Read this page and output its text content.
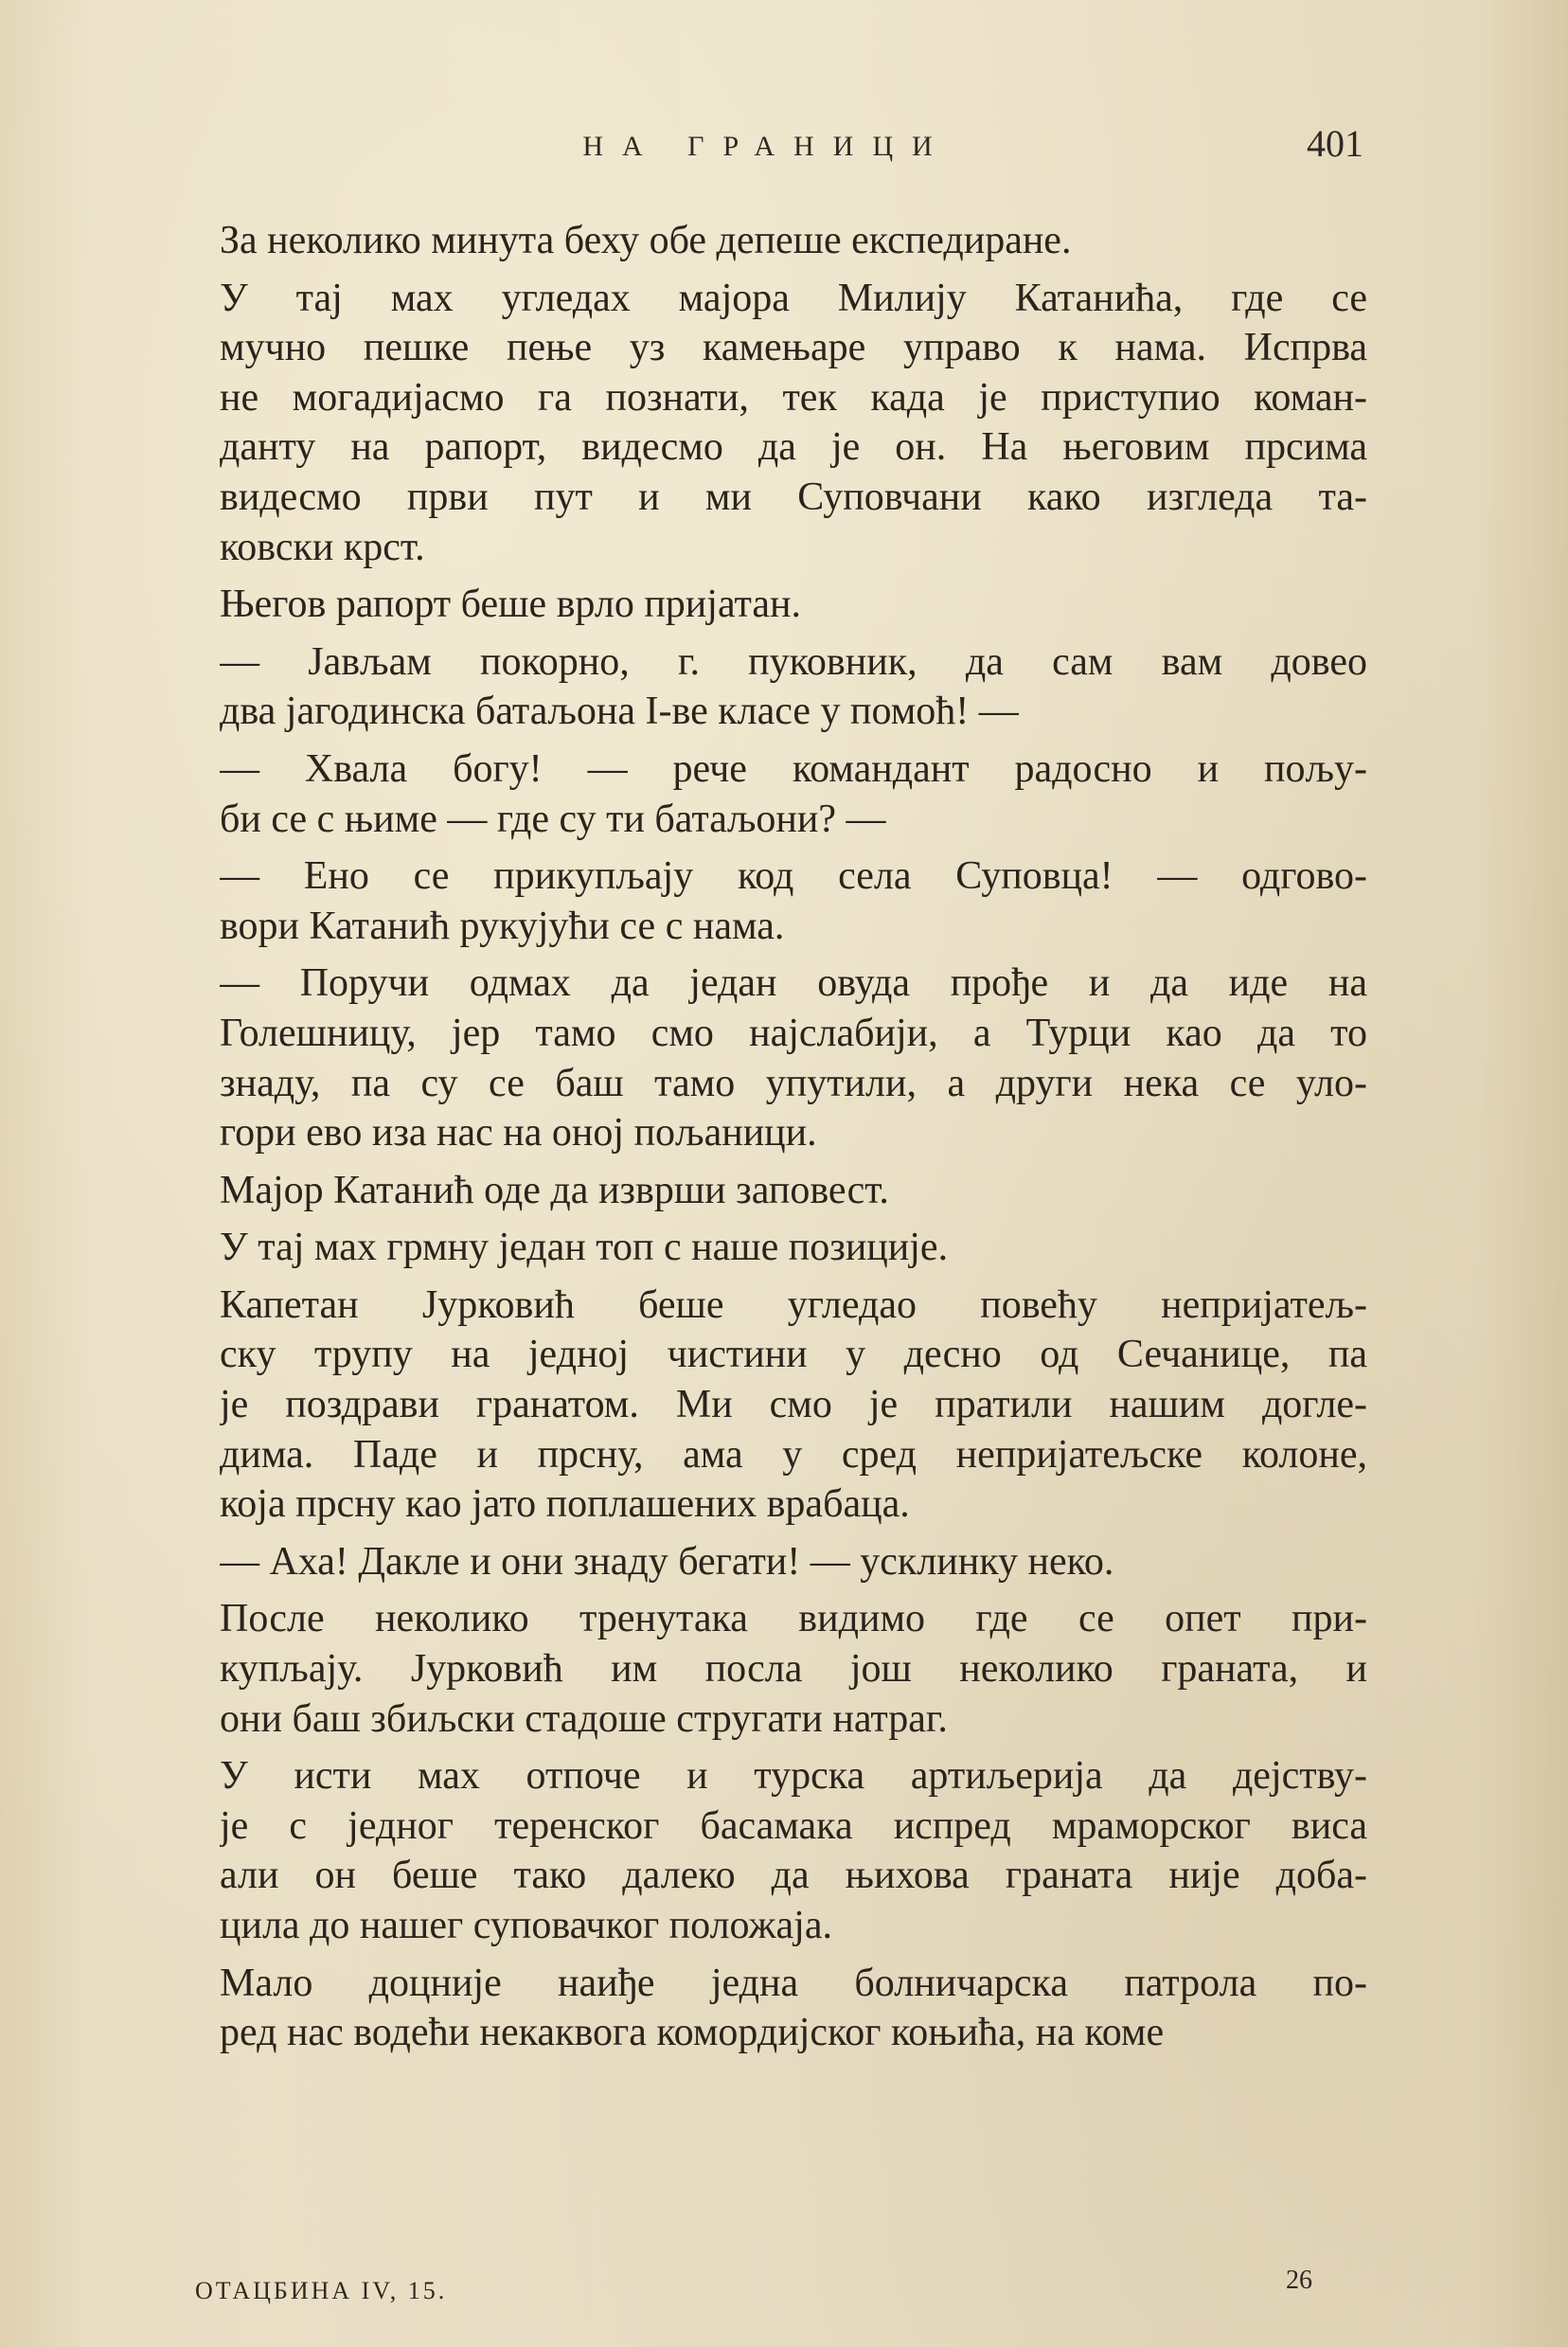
НА ГРАНИЦИ	401
За неколико минута беху обе депеше експедиране.
У тај мах угледах мајора Милију Катанића, где се
мучно пешке пење уз камењаре управо к нама. Испрва
не могадијасмо га познати, тек када је приступио коман-
данту на рапорт, видесмо да је он. На његовим прсима
видесмо први пут и ми Суповчани како изгледа та-
ковски крст.
Његов рапорт беше врло пријатан.
— Јављам покорно, г. пуковник, да сам вам довео
два јагодинска батаљона I-ве класе у помоћ! —
— Хвала богу! — рече командант радосно и пољу-
би се с њиме — где су ти батаљони? —
— Ено се прикупљају код села Суповца! — одгово-
вори Катанић рукујући се с нама.
— Поручи одмах да један овуда прође и да иде на
Голешницу, јер тамо смо најслабији, а Турци као да то
знаду, па су се баш тамо упутили, а други нека се уло-
гори ево иза нас на оној пољаници.
Мајор Катанић оде да изврши заповест.
У тај мах грмну један топ с наше позиције.
Капетан Јурковић беше угледао повећу непријатељ-
ску трупу на једној чистини у десно од Сечанице, па
је поздрави гранатом. Ми смо је пратили нашим догле-
дима. Паде и прсну, ама у сред непријатељске колоне,
која прсну као јато поплашених врабаца.
— Аха! Дакле и они знаду бегати! — усклинку неко.
После неколико тренутака видимо где се опет при-
купљају. Јурковић им посла још неколико граната, и
они баш збиљски стадоше стругати натраг.
У исти мах отпоче и турска артиљерија да дејству-
је с једног теренског басамака испред мраморског виса
али он беше тако далеко да њихова граната није доба-
цила до нашег суповачког положаја.
Мало доцније наиђе једна болничарска патрола по-
ред нас водећи некаквога комордијског коњића, на коме
ОТАЦБИНА IV, 15.	26
